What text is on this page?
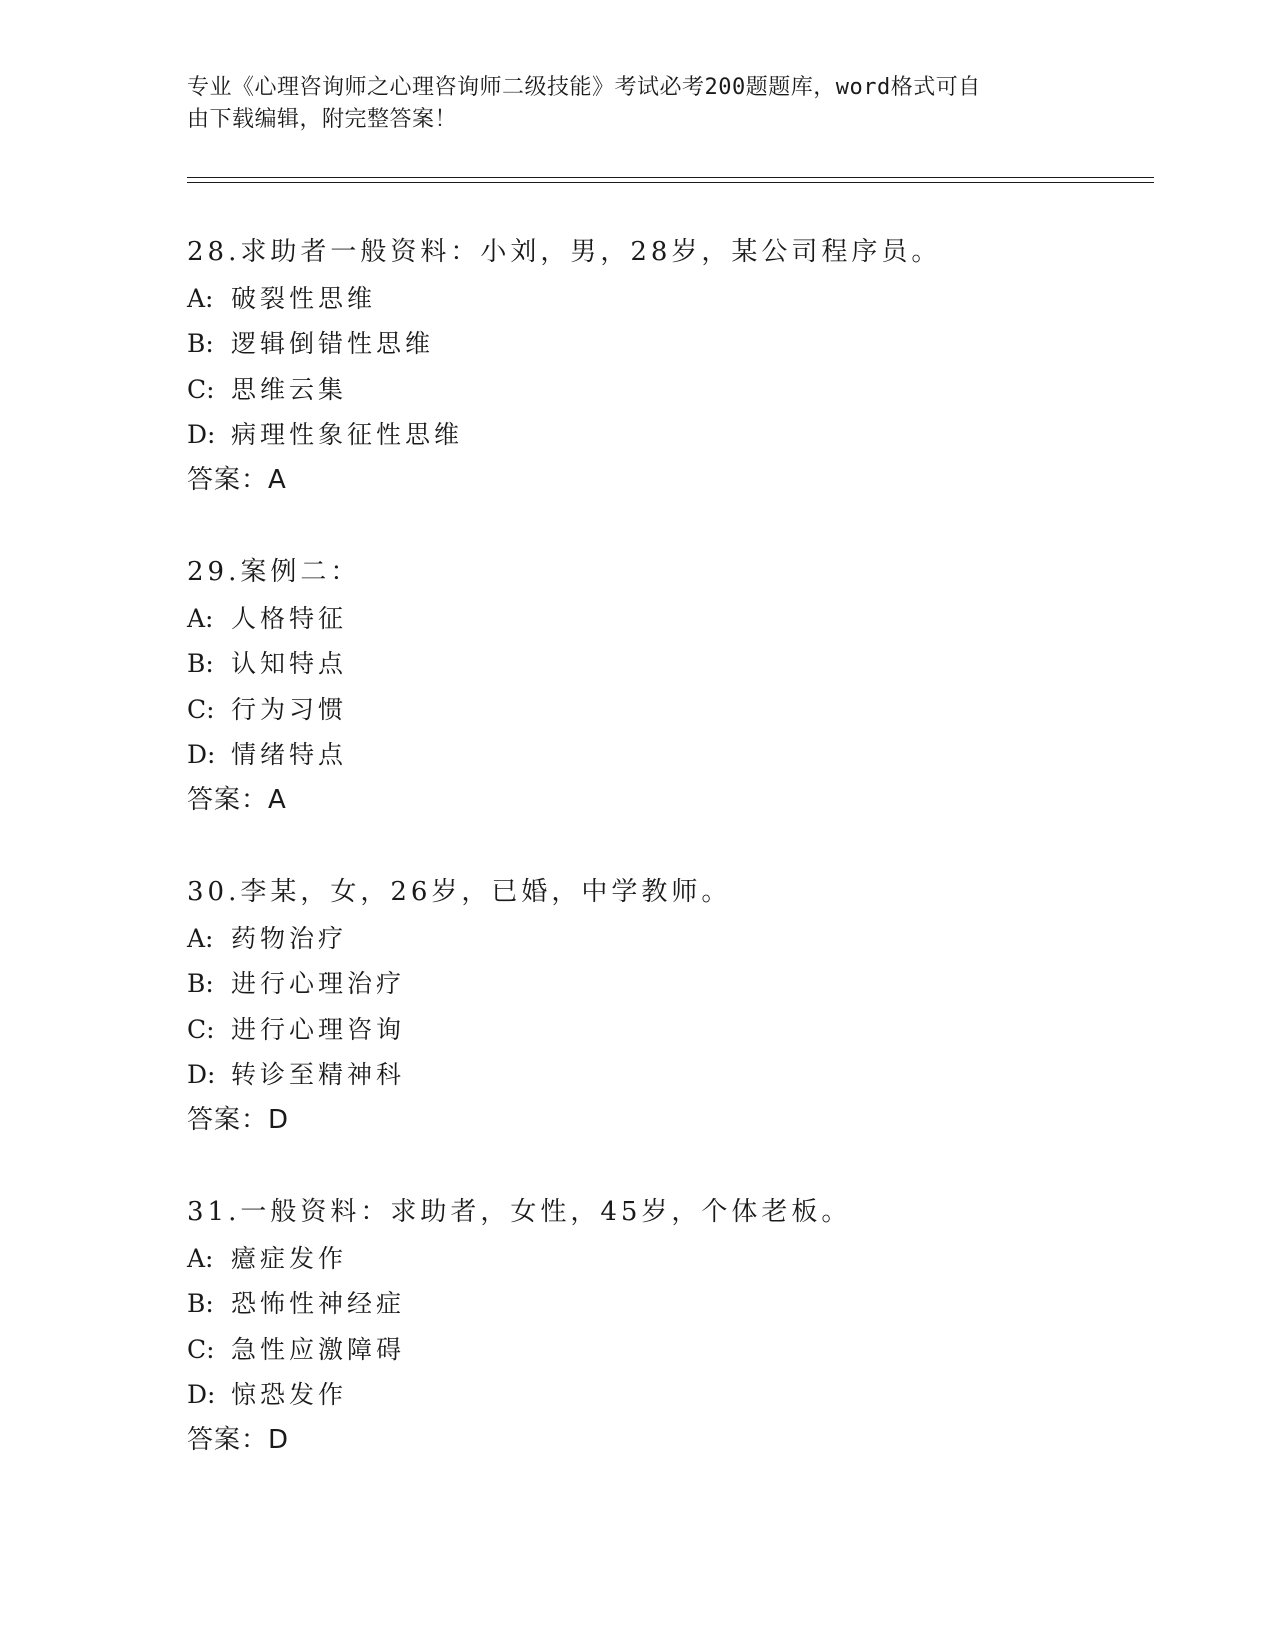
专业《心理咨询师之心理咨询师二级技能》考试必考200题题库，word格式可自
由下载编辑，附完整答案！
28.求助者一般资料：小刘，男，28岁，某公司程序员。
A: 破裂性思维
B: 逻辑倒错性思维
C: 思维云集
D: 病理性象征性思维
答案：A
29.案例二：
A: 人格特征
B: 认知特点
C: 行为习惯
D: 情绪特点
答案：A
30.李某，女，26岁，已婚，中学教师。
A: 药物治疗
B: 进行心理治疗
C: 进行心理咨询
D: 转诊至精神科
答案：D
31.一般资料：求助者，女性，45岁，个体老板。
A: 癔症发作
B: 恐怖性神经症
C: 急性应激障碍
D: 惊恐发作
答案：D
